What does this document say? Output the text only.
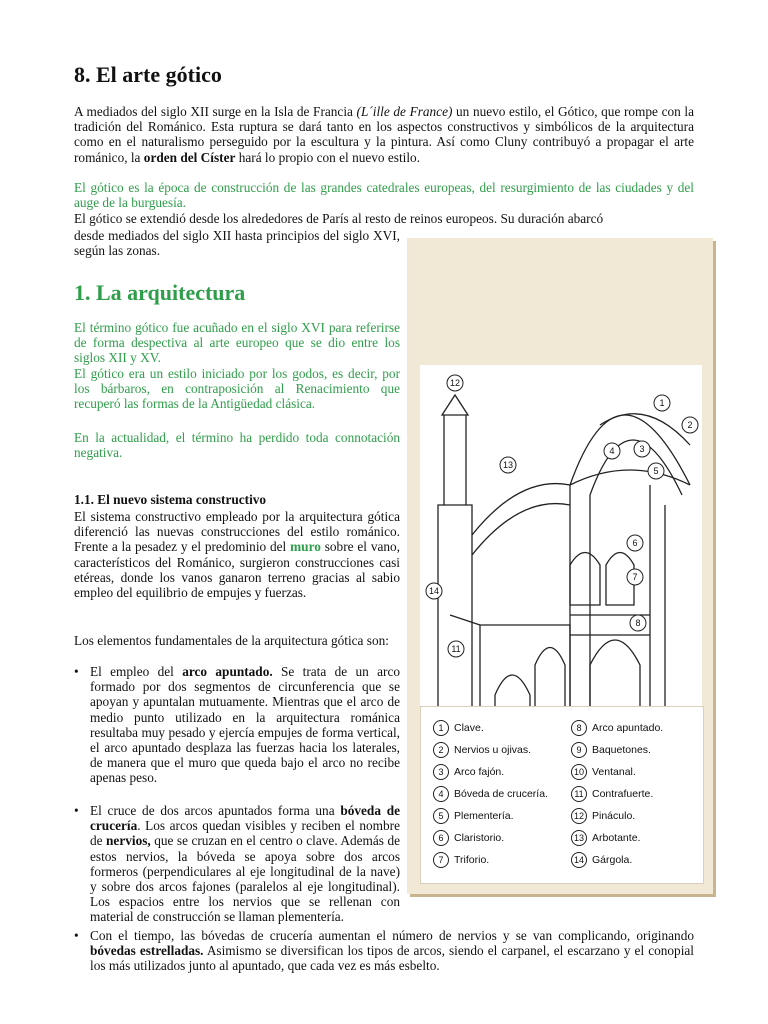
8. El arte gótico

A mediados del siglo XII surge en la Isla de Francia (L´ille de France) un nuevo estilo, el Gótico, que rompe con la tradición del Románico. Esta ruptura se dará tanto en los aspectos constructivos y simbólicos de la arquitectura como en el naturalismo perseguido por la escultura y la pintura. Así como Cluny contribuyó a propagar el arte románico, la orden del Císter hará lo propio con el nuevo estilo.

El gótico es la época de construcción de las grandes catedrales europeas, del resurgimiento de las ciudades y del auge de la burguesía.

El gótico se extendió desde los alrededores de París al resto de reinos europeos. Su duración abarcó

desde mediados del siglo XII hasta principios del siglo XVI, según las zonas.

1. La arquitectura

El término gótico fue acuñado en el siglo XVI para referirse de forma despectiva al arte europeo que se dio entre los siglos XII y XV.

El gótico era un estilo iniciado por los godos, es decir, por los bárbaros, en contraposición al Renacimiento que recuperó las formas de la Antigüedad clásica.

En la actualidad, el término ha perdido toda connotación negativa.

1.1. El nuevo sistema constructivo

El sistema constructivo empleado por la arquitectura gótica diferenció las nuevas construcciones del estilo románico. Frente a la pesadez y el predominio del muro sobre el vano, característicos del Románico, surgieron construcciones casi etéreas, donde los vanos ganaron terreno gracias al sabio empleo del equilibrio de empujes y fuerzas.

Los elementos fundamentales de la arquitectura gótica son:

• El empleo del arco apuntado. Se trata de un arco formado por dos segmentos de circunferencia que se apoyan y apuntalan mutuamente. Mientras que el arco de medio punto utilizado en la arquitectura románica resultaba muy pesado y ejercía empujes de forma vertical, el arco apuntado desplaza las fuerzas hacia los laterales, de manera que el muro que queda bajo el arco no recibe apenas peso.
• El cruce de dos arcos apuntados forma una bóveda de crucería. Los arcos quedan visibles y reciben el nombre de nervios, que se cruzan en el centro o clave. Además de estos nervios, la bóveda se apoya sobre dos arcos formeros (perpendiculares al eje longitudinal de la nave) y sobre dos arcos fajones (paralelos al eje longitudinal). Los espacios entre los nervios que se rellenan con material de construcción se llaman plementería.
• Con el tiempo, las bóvedas de crucería aumentan el número de nervios y se van complicando, originando bóvedas estrelladas. Asimismo se diversifican los tipos de arcos, siendo el carpanel, el escarzano y el conopial los más utilizados junto al apuntado, que cada vez es más esbelto.
12
1
2
13
4	3
5
6
7
14
8
11
1	Clave.
2	Nervios u ojivas.
3	Arco fajón.
4	Bóveda de crucería.
5	Plementería.
6	Claristorio.
7	Triforio.
8	Arco apuntado.
9	Baquetones.
10 Ventanal.
11 Contrafuerte.
12 Pináculo.
13 Arbotante.
14 Gárgola.
